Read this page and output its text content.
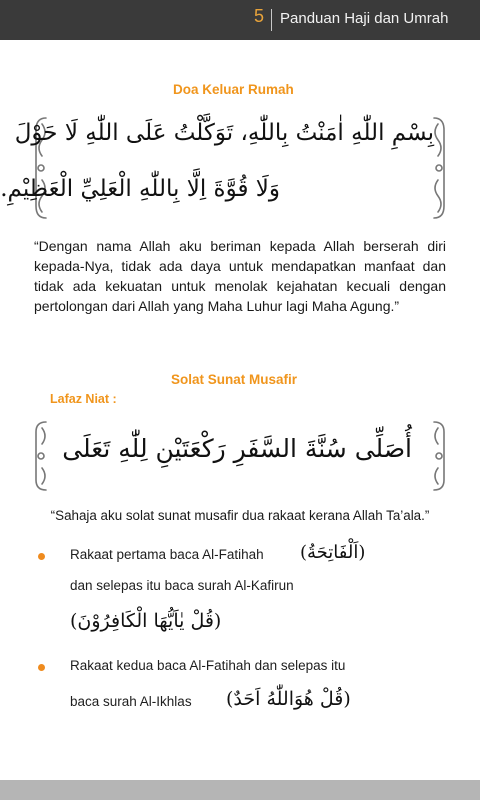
5 Panduan Haji dan Umrah
Doa Keluar Rumah
بِسْمِ اللّٰهِ اٰمَنْتُ بِاللّٰهِ، تَوَكَّلْتُ عَلَى اللّٰهِ لَا حَوْلَ
وَلَا قُوَّةَ اِلَّا بِاللّٰهِ الْعَلِيِّ الْعَظِيْمِ.
“Dengan nama Allah aku beriman kepada Allah berserah diri kepada-Nya, tidak ada daya untuk mendapatkan manfaat dan tidak ada kekuatan untuk menolak kejahatan kecuali dengan pertolongan dari Allah yang Maha Luhur lagi Maha Agung.”
Solat Sunat Musafir
Lafaz Niat :
أُصَلِّى سُنَّةَ السَّفَرِ رَكْعَتَيْنِ لِلّٰهِ تَعَلَى
“Sahaja aku solat sunat musafir dua rakaat kerana Allah Ta’ala.”
Rakaat pertama baca Al-Fatihah (اَلْفَاتِحَةُ)
dan selepas itu baca surah Al-Kafirun
(قُلْ يٰاَيُّهَا الْكَافِرُوْنَ)
Rakaat kedua baca Al-Fatihah dan selepas itu
baca surah Al-Ikhlas (قُلْ هُوَاللّٰهُ اَحَدٌ)
